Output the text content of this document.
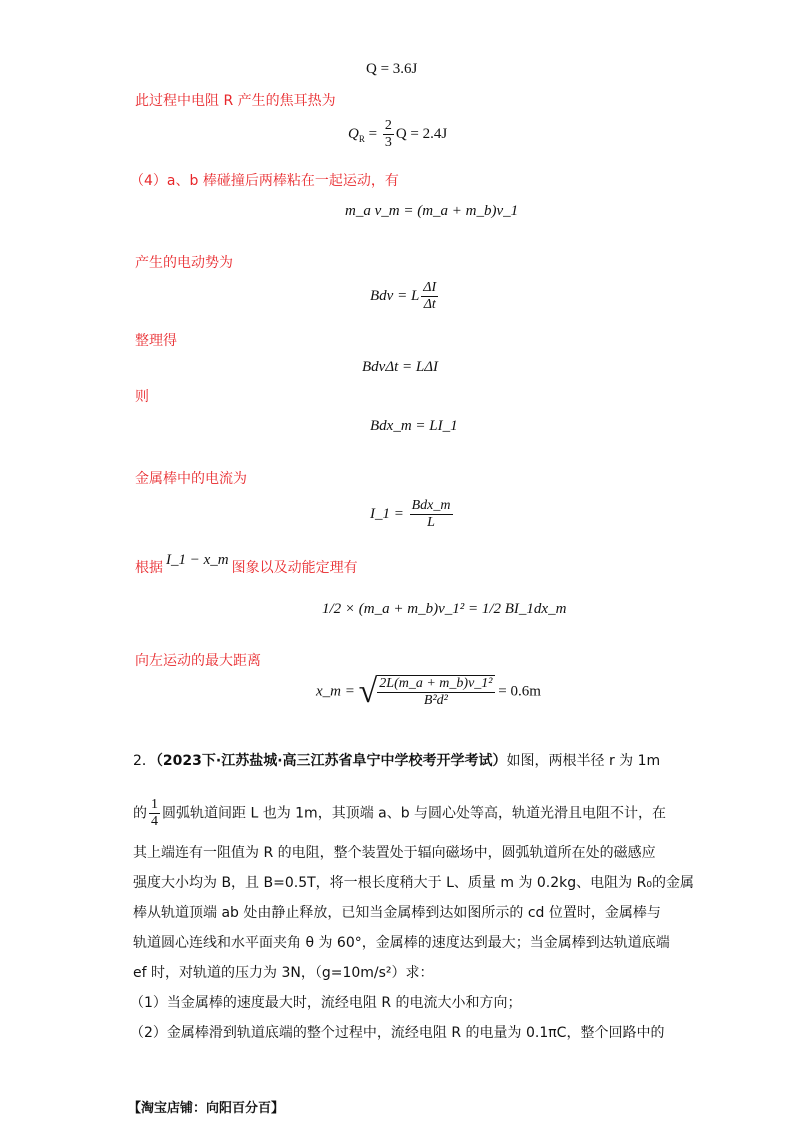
Q = 3.6J
此过程中电阻 R 产生的焦耳热为
$Q_R = \frac{2}{3}$ Q = 2.4J
（4）a、b 棒碰撞后两棒粘在一起运动，有
m_a v_m = (m_a + m_b)v_1
产生的电动势为
Bdv = L $\frac{\Delta I}{\Delta t}$
整理得
BdvΔt = LΔI
则
Bdx_m = LI_1
金属棒中的电流为
I_1 = $\frac{\text{Bdx\_m}}{L}$
根据 I_1 − x_m 图象以及动能定理有
1/2 × (m_a + m_b)v_1² = 1/2 BI_1dx_m
向左运动的最大距离
x_m = √ $\frac{\text{2L(m\_a + m\_b)v\_1²}}{\text{B²d²}} = 0.6m$
2．（2023下·江苏盐城·高三江苏省阜宁中学校考开学考试）如图，两根半径 r 为 1m
的 $\frac{1}{4}$ 圆弧轨道间距 L 也为 1m，其顶端 a、b 与圆心处等高，轨道光滑且电阻不计，在
其上端连有一阻值为 R 的电阻，整个装置处于辐向磁场中，圆弧轨道所在处的磁感应
强度大小均为 B，且 B=0.5T，将一根长度稍大于 L、质量 m 为 0.2kg、电阻为 R₀的金属
棒从轨道顶端 ab 处由静止释放，已知当金属棒到达如图所示的 cd 位置时，金属棒与
轨道圆心连线和水平面夹角 θ 为 60°，金属棒的速度达到最大；当金属棒到达轨道底端
ef 时，对轨道的压力为 3N，（g=10m/s²）求：
（1）当金属棒的速度最大时，流经电阻 R 的电流大小和方向；
（2）金属棒滑到轨道底端的整个过程中，流经电阻 R 的电量为 0.1πC，整个回路中的
【淘宝店铺：向阳百分百】
